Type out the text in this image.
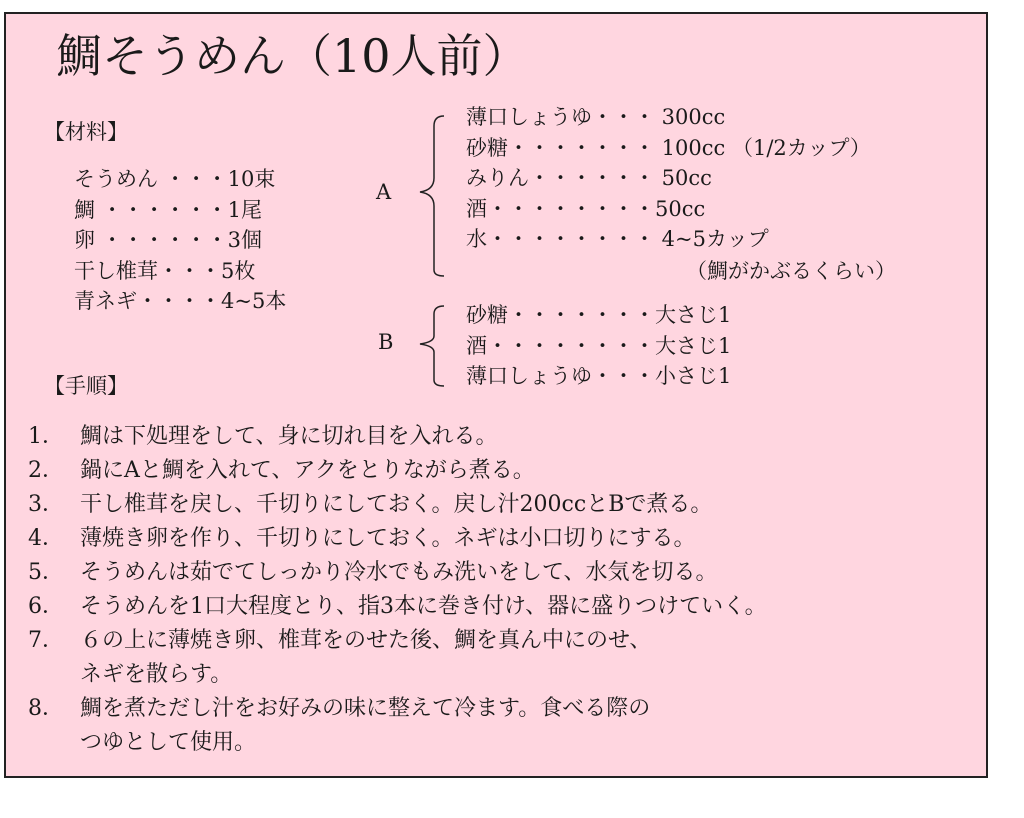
鯛そうめん（10人前）
【材料】
そうめん ・・・10束
鯛 ・・・・・・1尾
卵 ・・・・・・3個
干し椎茸・・・5枚
青ネギ・・・・4~5本
A
薄口しょうゆ・・・ 300cc
砂糖・・・・・・・ 100cc （1/2カップ）
みりん・・・・・・ 50cc
酒・・・・・・・・50cc
水・・・・・・・・ 4~5カップ
（鯛がかぶるくらい）
B
砂糖・・・・・・・大さじ1
酒・・・・・・・・大さじ1
薄口しょうゆ・・・小さじ1
【手順】
1． 鯛は下処理をして、身に切れ目を入れる。
2． 鍋にAと鯛を入れて、アクをとりながら煮る。
3． 干し椎茸を戻し、千切りにしておく。戻し汁200ccとBで煮る。
4． 薄焼き卵を作り、千切りにしておく。ネギは小口切りにする。
5． そうめんは茹でてしっかり冷水でもみ洗いをして、水気を切る。
6． そうめんを1口大程度とり、指3本に巻き付け、器に盛りつけていく。
7． ６の上に薄焼き卵、椎茸をのせた後、鯛を真ん中にのせ、
ネギを散らす。
8． 鯛を煮ただし汁をお好みの味に整えて冷ます。食べる際の
つゆとして使用。
